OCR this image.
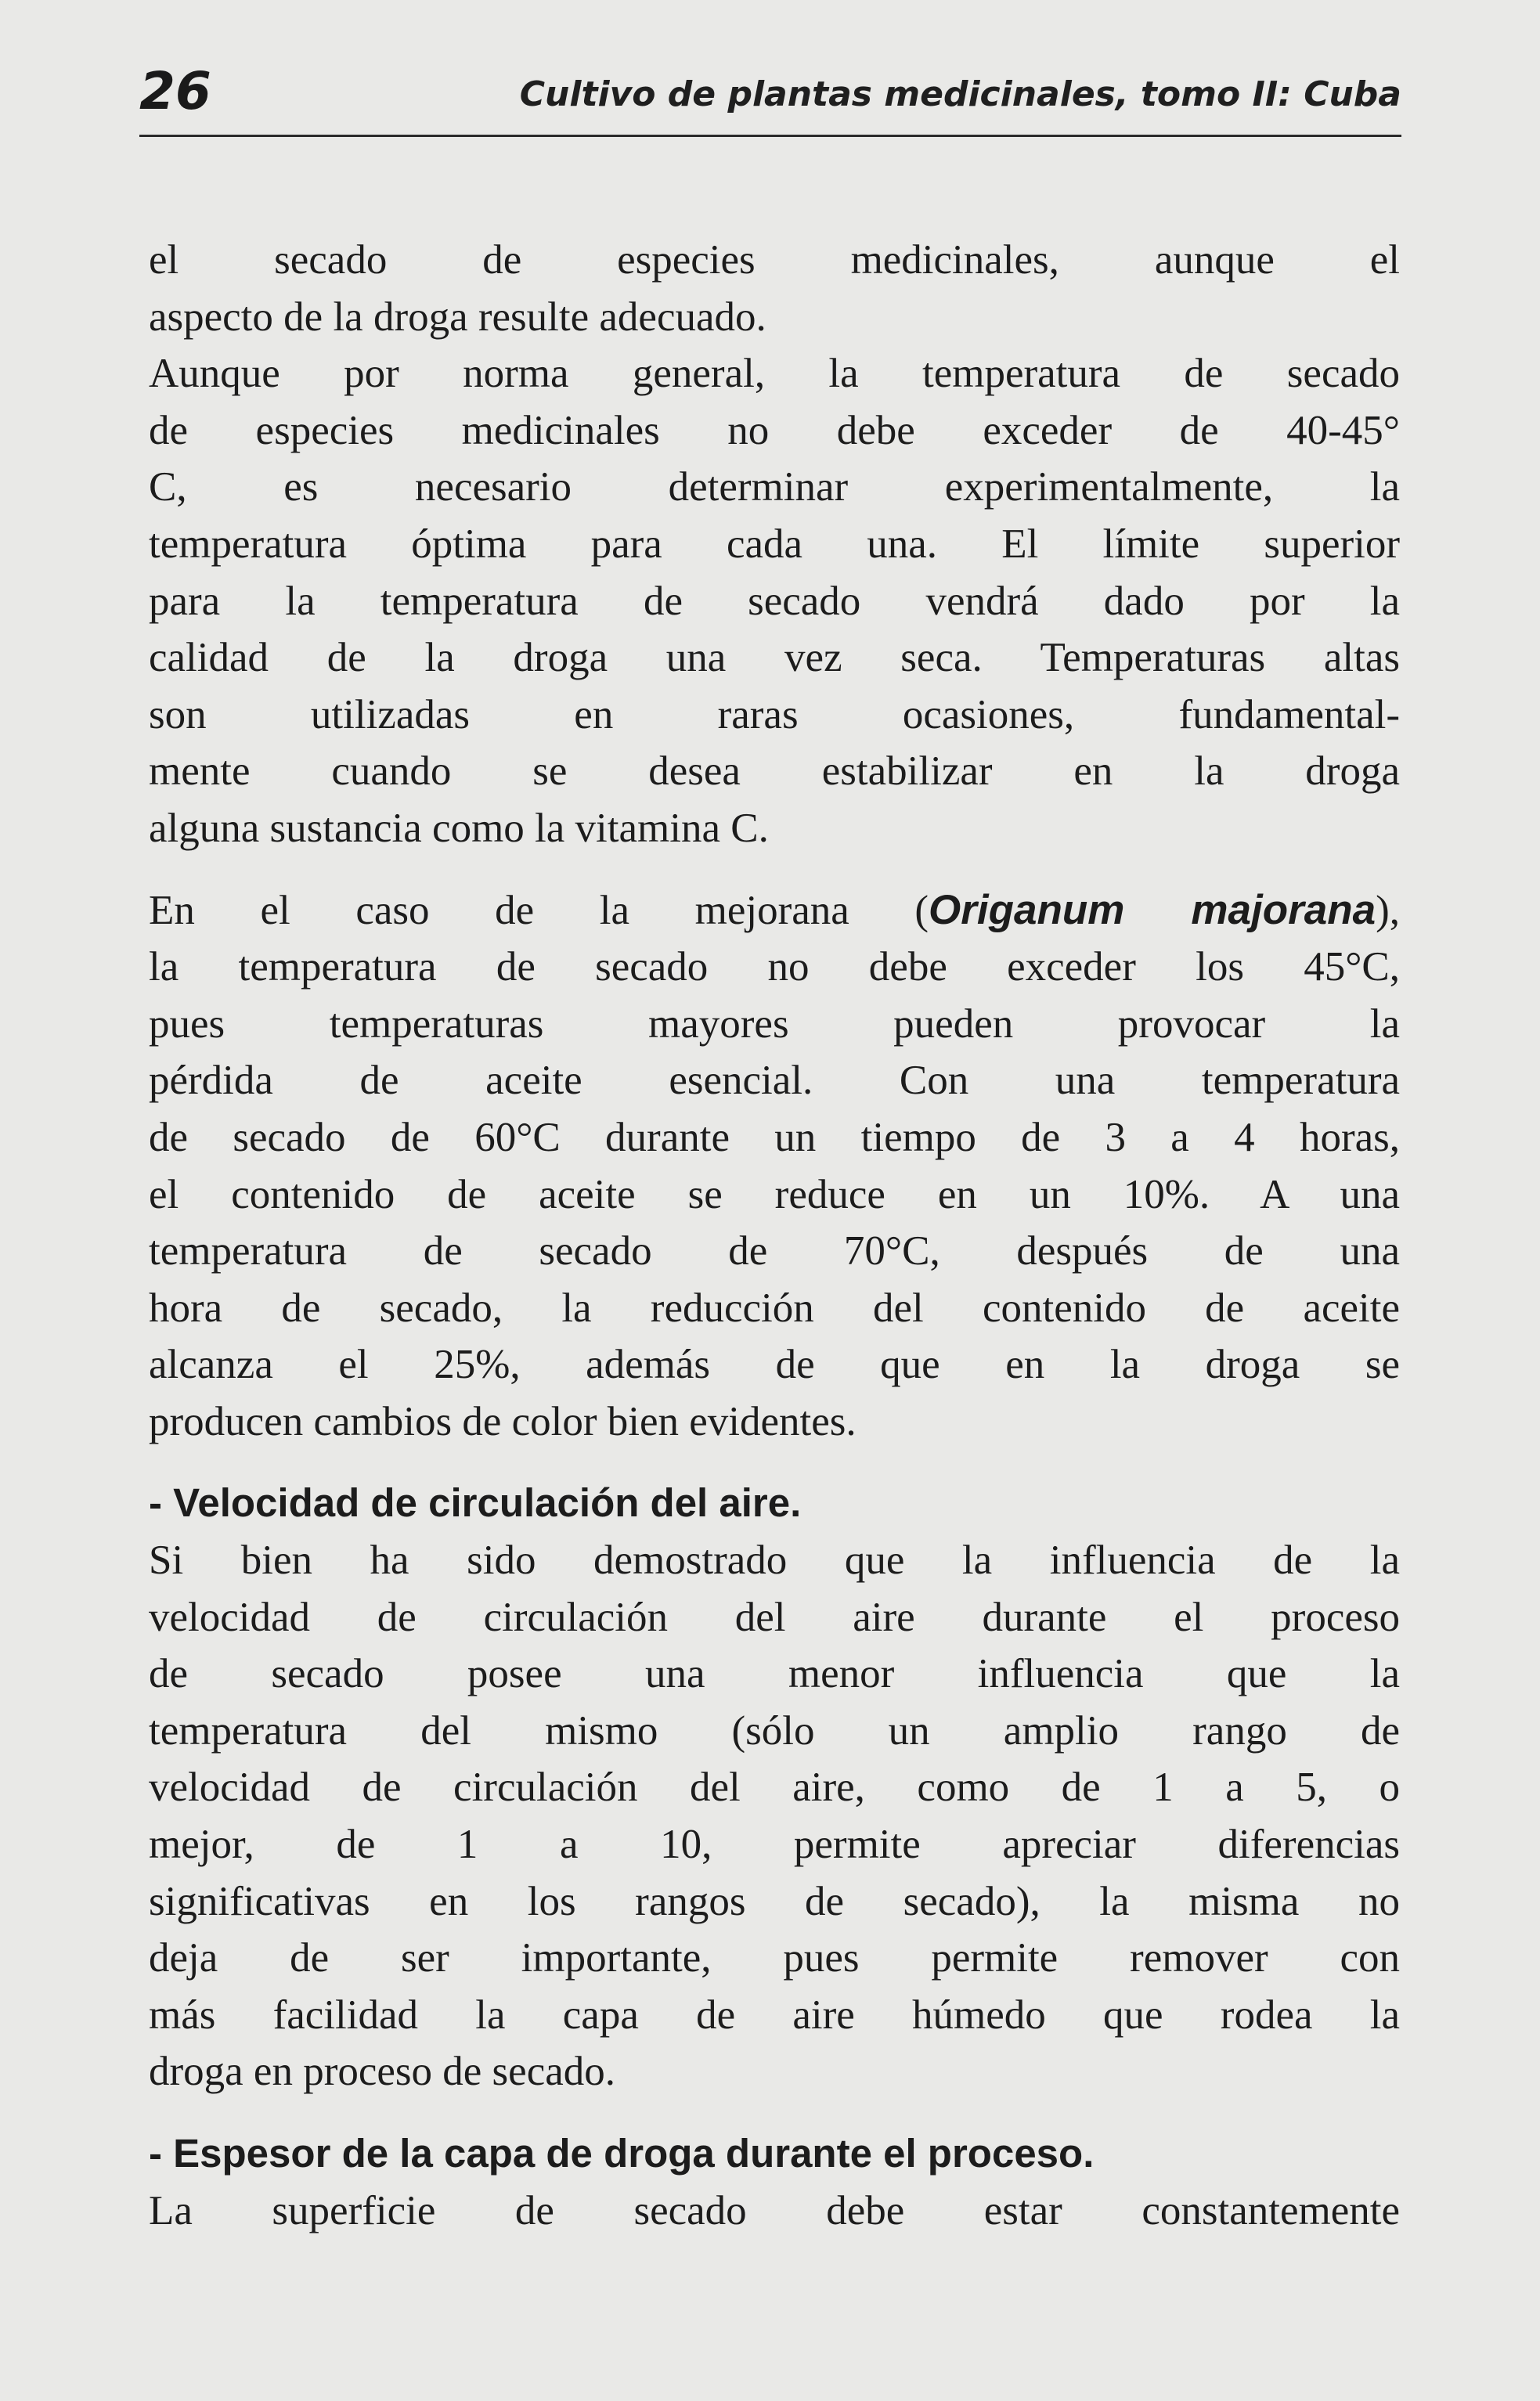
26	Cultivo de plantas medicinales, tomo II: Cuba
el secado de especies medicinales, aunque el
aspecto de la droga resulte adecuado.
Aunque por norma general, la temperatura de secado
de especies medicinales no debe exceder de 40-45°
C, es necesario determinar experimentalmente, la
temperatura óptima para cada una. El límite superior
para la temperatura de secado vendrá dado por la
calidad de la droga una vez seca. Temperaturas altas
son utilizadas en raras ocasiones, fundamental-
mente cuando se desea estabilizar en la droga
alguna sustancia como la vitamina C.
En el caso de la mejorana (Origanum majorana),
la temperatura de secado no debe exceder los 45°C,
pues temperaturas mayores pueden provocar la
pérdida de aceite esencial. Con una temperatura
de secado de 60°C durante un tiempo de 3 a 4 horas,
el contenido de aceite se reduce en un 10%. A una
temperatura de secado de 70°C, después de una
hora de secado, la reducción del contenido de aceite
alcanza el 25%, además de que en la droga se
producen cambios de color bien evidentes.
- Velocidad de circulación del aire.
Si bien ha sido demostrado que la influencia de la
velocidad de circulación del aire durante el proceso
de secado posee una menor influencia que la
temperatura del mismo (sólo un amplio rango de
velocidad de circulación del aire, como de 1 a 5, o
mejor, de 1 a 10, permite apreciar diferencias
significativas en los rangos de secado), la misma no
deja de ser importante, pues permite remover con
más facilidad la capa de aire húmedo que rodea la
droga en proceso de secado.
- Espesor de la capa de droga durante el proceso.
La superficie de secado debe estar constantemente
